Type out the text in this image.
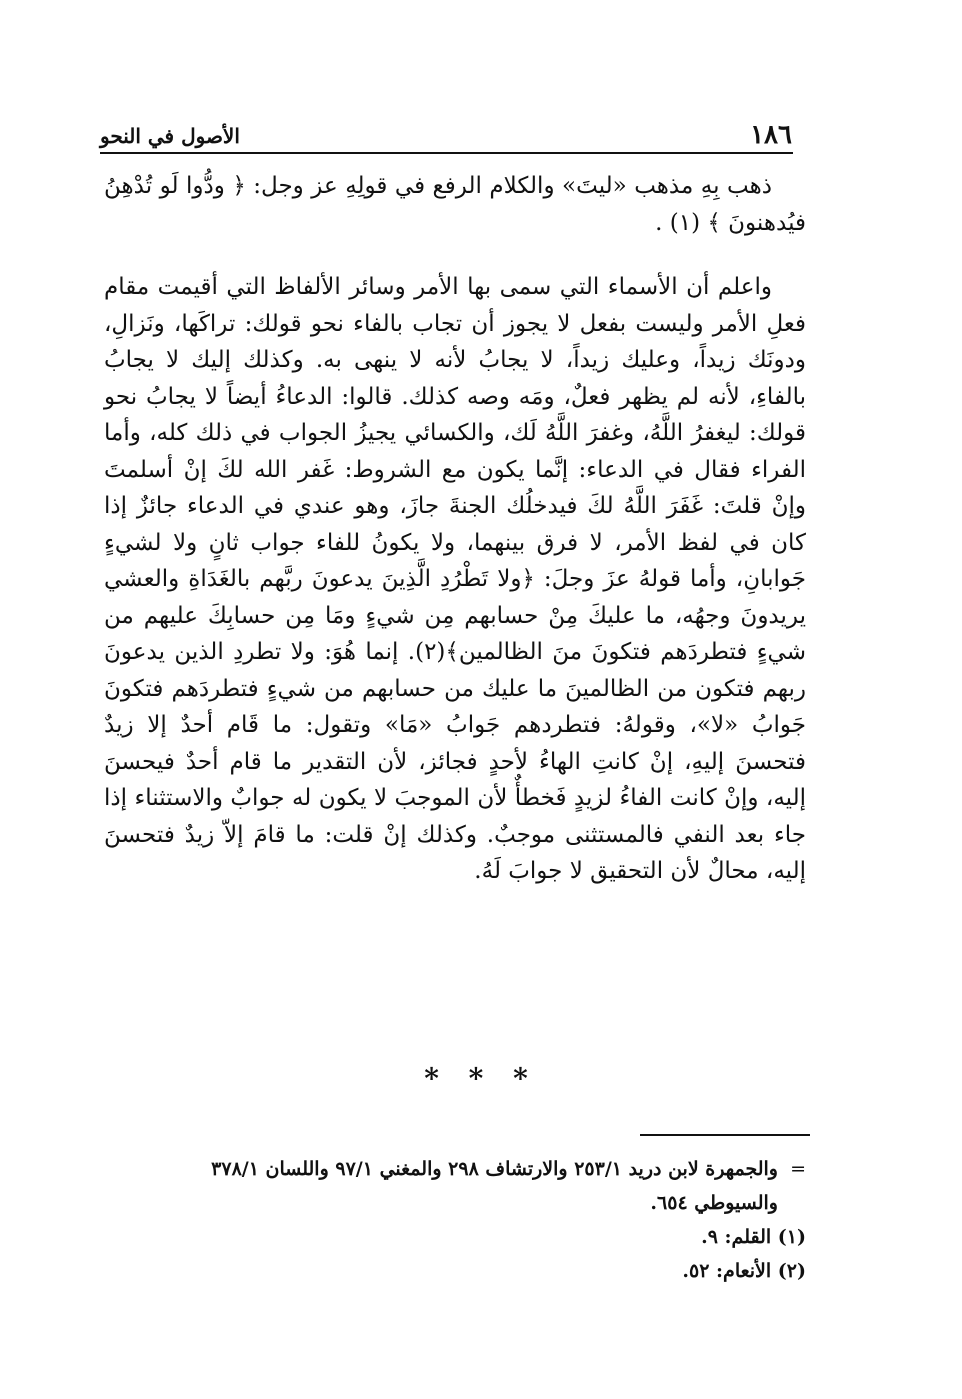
١٨٦
الأصول في النحو

ذهب بِهِ مذهب «ليتَ» والكلام الرفع في قولِهِ عز وجل: ﴿ ودُّوا لَو تُدْهِنُ فيُدهنونَ ﴾ (١) .

واعلم أن الأسماء التي سمى بها الأمر وسائر الألفاظ التي أقيمت مقام فعلِ الأمر وليست بفعل لا يجوز أن تجاب بالفاء نحو قولك: تراكَها، ونَزالِ، ودونَك زيداً، وعليك زيداً، لا يجابُ لأنه لا ينهى به. وكذلك إليك لا يجابُ بالفاءِ، لأنه لم يظهر فعلٌ، ومَه وصه كذلك. قالوا: الدعاءُ أيضاً لا يجابُ نحو قولك: ليغفرُ اللَّهُ، وغفرَ اللَّهُ لَك، والكسائي يجيزُ الجواب في ذلك كله، وأما الفراء فقال في الدعاء: إنَّما يكون مع الشروط: غَفر الله لكَ إنْ أسلمتَ وإنْ قلتَ: غَفَرَ اللَّهُ لكَ فيدخلُك الجنةَ جازَ، وهو عندي في الدعاء جائزٌ إذا كان في لفظ الأمر، لا فرق بينهما، ولا يكونُ للفاء جواب ثانٍ ولا لشيءٍ جَوابانِ، وأما قولهُ عزَ وجلَ: ﴿ولا تَطْرُدِ الَّذِينَ يدعونَ ربَّهم بالغَدَاةِ والعشي يريدونَ وجهُه، ما عليكَ مِنْ حسابهم مِن شيءٍ ومَا مِن حسابِكَ عليهم من شيءٍ فتطردَهم فتكونَ منَ الظالمين﴾(٢). إنما هُوَ: ولا تطردِ الذين يدعونَ ربهم فتكون من الظالمينَ ما عليك من حسابهم من شيءٍ فتطردَهم فتكونَ جَوابُ «لا»، وقولهُ: فتطردهم جَوابُ «مَا» وتقول: ما قَام أحدٌ إلا زيدٌ فتحسنَ إليهِ، إنْ كانتِ الهاءُ لأحدٍ فجائز، لأن التقدير ما قام أحدٌ فيحسنَ إليه، وإنْ كانت الفاءُ لزيدٍ فَخطأٌ لأن الموجبَ لا يكون له جوابٌ والاستثناء إذا جاء بعد النفي فالمستثنى موجبٌ. وكذلك إنْ قلت: ما قامَ إلاّ زيدٌ فتحسنَ إليه، محالٌ لأن التحقيق لا جوابَ لَهُ.

* * *

=والجمهرة لابن دريد ٢٥٣/١ والارتشاف ٢٩٨ والمغني ٩٧/١ واللسان ٣٧٨/١

والسيوطي ٦٥٤.

(١) القلم: ٩.

(٢) الأنعام: ٥٢.
